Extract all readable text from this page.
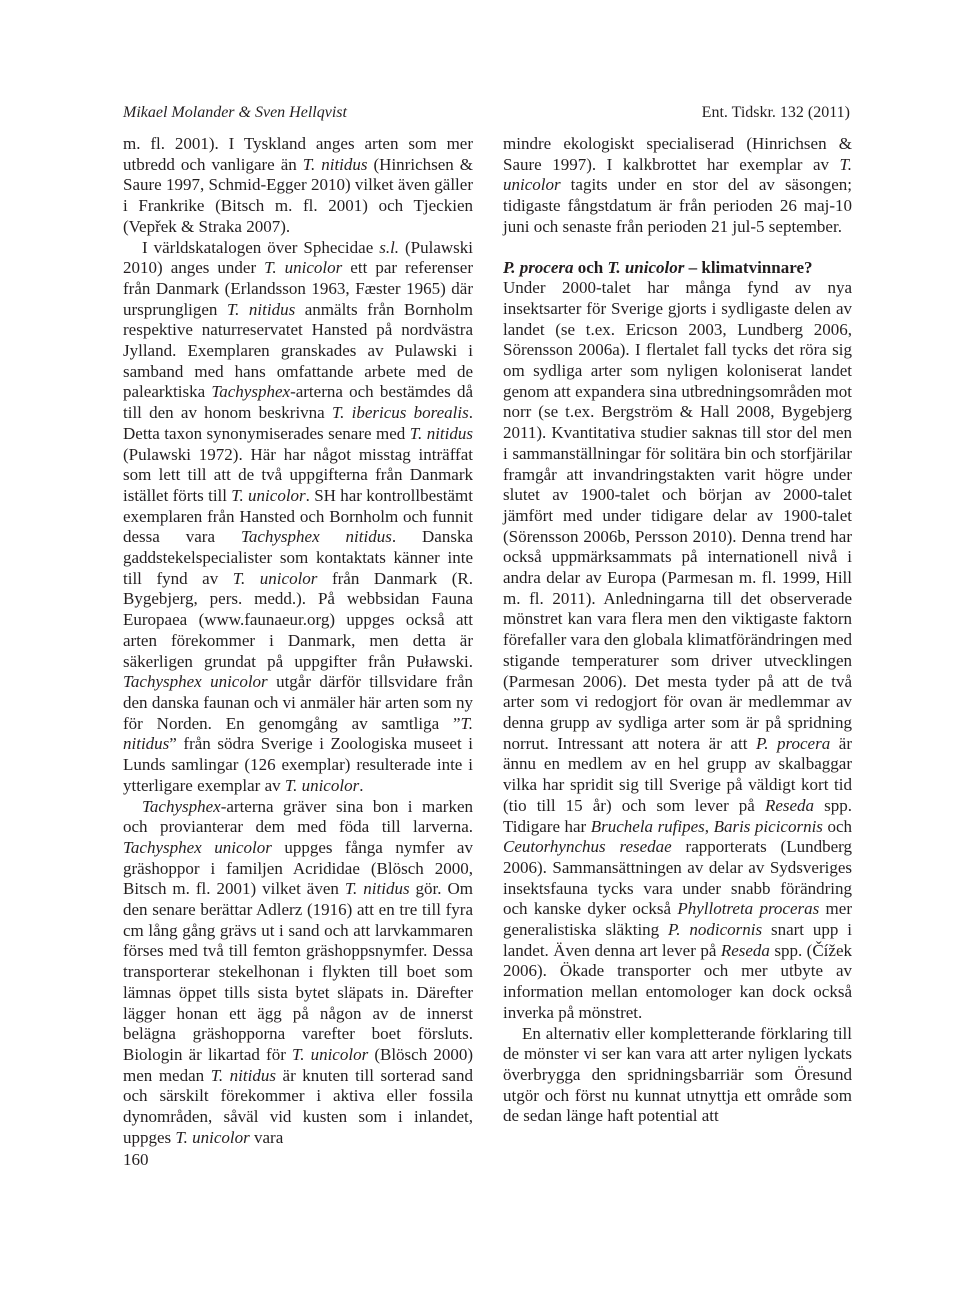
Mikael Molander & Sven Hellqvist	Ent. Tidskr. 132 (2011)

m. fl. 2001). I Tyskland anges arten som mer utbredd och vanligare än T. nitidus (Hinrichsen & Saure 1997, Schmid-Egger 2010) vilket även gäller i Frankrike (Bitsch m. fl. 2001) och Tjeckien (Vepřek & Straka 2007).

I världskatalogen över Sphecidae s.l. (Pulawski 2010) anges under T. unicolor ett par referenser från Danmark (Erlandsson 1963, Fæster 1965) där ursprungligen T. nitidus anmälts från Bornholm respektive naturreservatet Hansted på nordvästra Jylland. Exemplaren granskades av Pulawski i samband med hans omfattande arbete med de palearktiska Tachysphex-arterna och bestämdes då till den av honom beskrivna T. ibericus borealis. Detta taxon synonymiserades senare med T. nitidus (Pulawski 1972). Här har något misstag inträffat som lett till att de två uppgifterna från Danmark istället förts till T. unicolor. SH har kontrollbestämt exemplaren från Hansted och Bornholm och funnit dessa vara Tachysphex nitidus. Danska gaddstekelspecialister som kontaktats känner inte till fynd av T. unicolor från Danmark (R. Bygebjerg, pers. medd.). På webbsidan Fauna Europaea (www.faunaeur.org) uppges också att arten förekommer i Danmark, men detta är säkerligen grundat på uppgifter från Puławski. Tachysphex unicolor utgår därför tillsvidare från den danska faunan och vi anmäler här arten som ny för Norden. En genomgång av samtliga ”T. nitidus” från södra Sverige i Zoologiska museet i Lunds samlingar (126 exemplar) resulterade inte i ytterligare exemplar av T. unicolor.

Tachysphex-arterna gräver sina bon i marken och provianterar dem med föda till larverna. Tachysphex unicolor uppges fånga nymfer av gräshoppor i familjen Acrididae (Blösch 2000, Bitsch m. fl. 2001) vilket även T. nitidus gör. Om den senare berättar Adlerz (1916) att en tre till fyra cm lång gång grävs ut i sand och att larvkammaren förses med två till femton gräshoppsnymfer. Dessa transporterar stekelhonan i flykten till boet som lämnas öppet tills sista bytet släpats in. Därefter lägger honan ett ägg på någon av de innerst belägna gräshopporna varefter boet försluts. Biologin är likartad för T. unicolor (Blösch 2000) men medan T. nitidus är knuten till sorterad sand och särskilt förekommer i aktiva eller fossila dynområden, såväl vid kusten som i inlandet, uppges T. unicolor vara

mindre ekologiskt specialiserad (Hinrichsen & Saure 1997). I kalkbrottet har exemplar av T. unicolor tagits under en stor del av säsongen; tidigaste fångstdatum är från perioden 26 maj-10 juni och senaste från perioden 21 jul-5 september.

P. procera och T. unicolor – klimatvinnare?

Under 2000-talet har många fynd av nya insektsarter för Sverige gjorts i sydligaste delen av landet (se t.ex. Ericson 2003, Lundberg 2006, Sörensson 2006a). I flertalet fall tycks det röra sig om sydliga arter som nyligen koloniserat landet genom att expandera sina utbredningsområden mot norr (se t.ex. Bergström & Hall 2008, Bygebjerg 2011). Kvantitativa studier saknas till stor del men i sammanställningar för solitära bin och storfjärilar framgår att invandringstakten varit högre under slutet av 1900-talet och början av 2000-talet jämfört med under tidigare delar av 1900-talet (Sörensson 2006b, Persson 2010). Denna trend har också uppmärksammats på internationell nivå i andra delar av Europa (Parmesan m. fl. 1999, Hill m. fl. 2011). Anledningarna till det observerade mönstret kan vara flera men den viktigaste faktorn förefaller vara den globala klimatförändringen med stigande temperaturer som driver utvecklingen (Parmesan 2006). Det mesta tyder på att de två arter som vi redogjort för ovan är medlemmar av denna grupp av sydliga arter som är på spridning norrut. Intressant att notera är att P. procera är ännu en medlem av en hel grupp av skalbaggar vilka har spridit sig till Sverige på väldigt kort tid (tio till 15 år) och som lever på Reseda spp. Tidigare har Bruchela rufipes, Baris picicornis och Ceutorhynchus resedae rapporterats (Lundberg 2006). Sammansättningen av delar av Sydsveriges insektsfauna tycks vara under snabb förändring och kanske dyker också Phyllotreta proceras mer generalistiska släkting P. nodicornis snart upp i landet. Även denna art lever på Reseda spp. (Čížek 2006). Ökade transporter och mer utbyte av information mellan entomologer kan dock också inverka på mönstret.

En alternativ eller kompletterande förklaring till de mönster vi ser kan vara att arter nyligen lyckats överbrygga den spridningsbarriär som Öresund utgör och först nu kunnat utnyttja ett område som de sedan länge haft potential att

160
